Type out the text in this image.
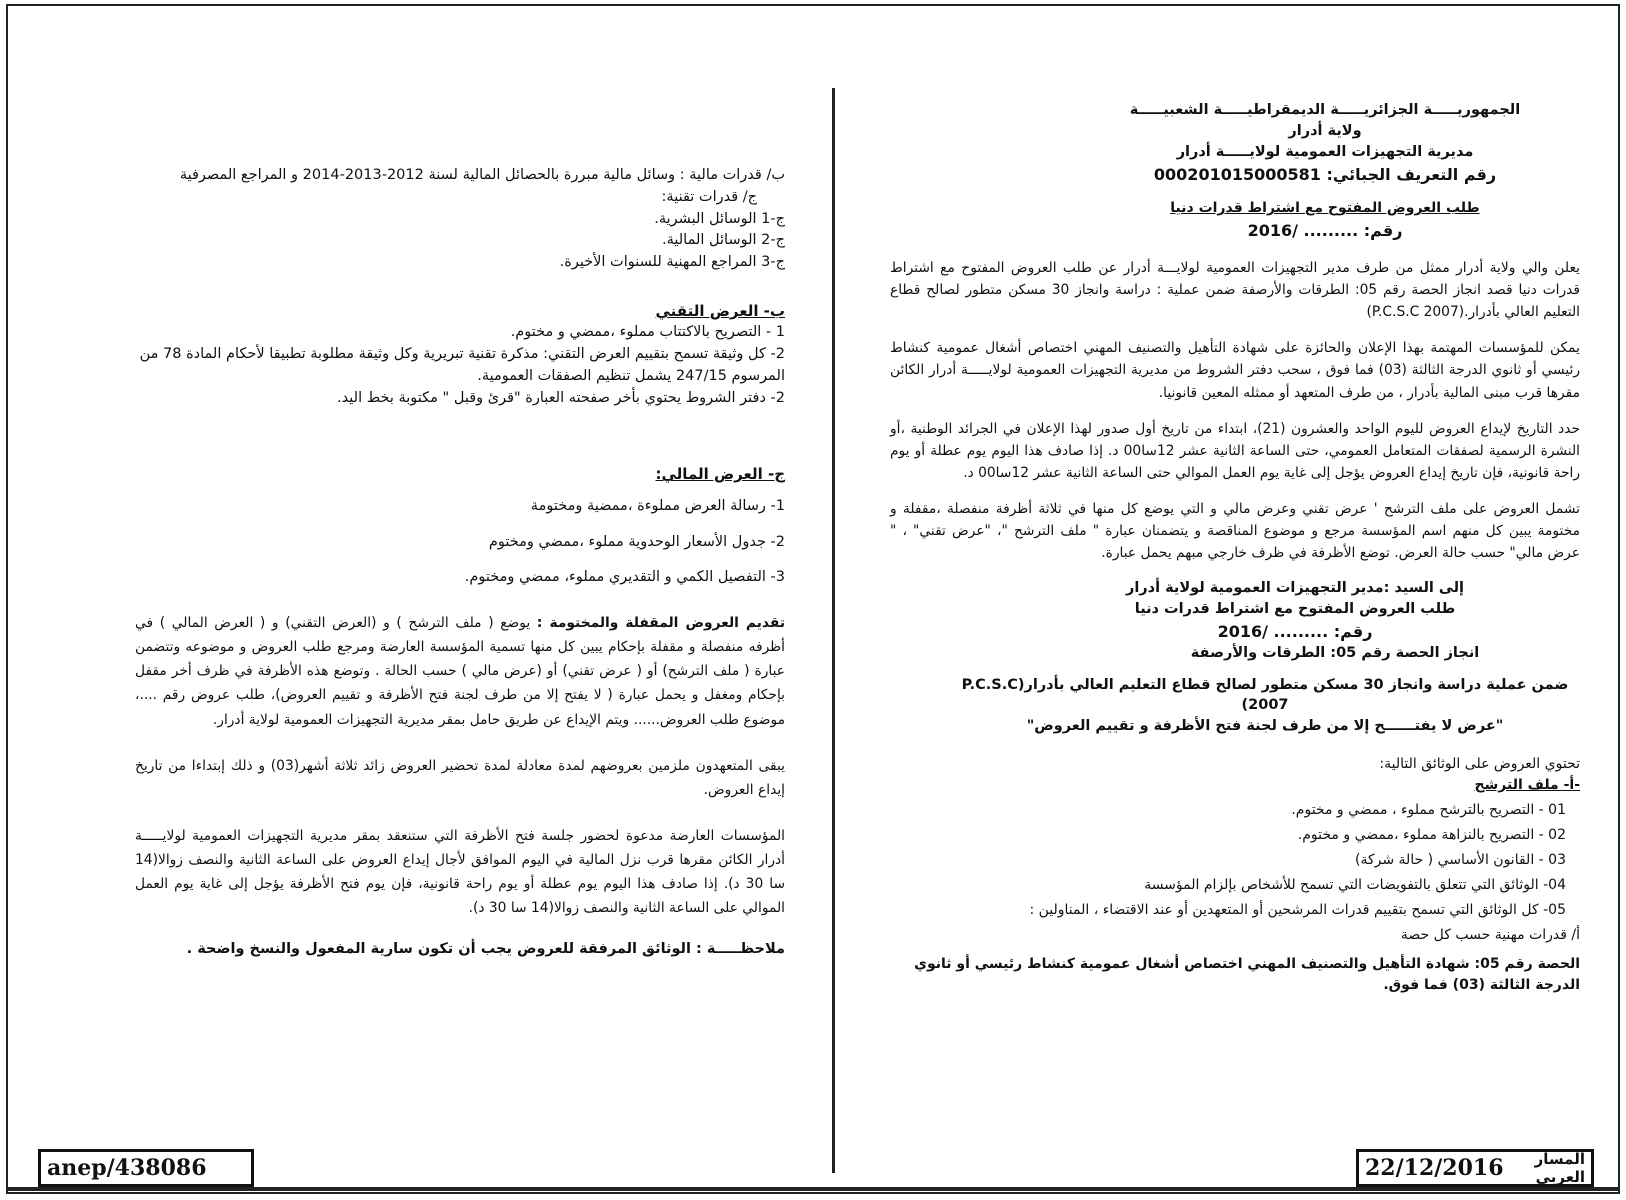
الجمهوريـــــة الجزائريـــــة الديمقراطيـــــة الشعبيـــــة

ولاية أدرار

مديرية التجهيزات العمومية لولايـــــة أدرار

رقم التعريف الجبائي: 000201015000581

طلب العروض المفتوح مع اشتراط قدرات دنيا

رقم: ......... /2016

يعلن والي ولاية أدرار ممثل من طرف مدير التجهيزات العمومية لولايـــة أدرار عن طلب العروض المفتوح مع اشتراط قدرات دنيا قصد انجاز الحصة رقم 05: الطرقات والأرصفة ضمن عملية : دراسة وانجاز 30 مسكن متطور لصالح قطاع التعليم العالي بأدرار.(P.C.S.C 2007)

يمكن للمؤسسات المهتمة بهذا الإعلان والحائزة على شهادة التأهيل والتصنيف المهني اختصاص أشغال عمومية كنشاط رئيسي أو ثانوي الدرجة الثالثة (03) فما فوق ، سحب دفتر الشروط من مديرية التجهيزات العمومية لولايـــــة أدرار الكائن مقرها قرب مبنى المالية بأدرار ، من طرف المتعهد أو ممثله المعين قانونيا.

حدد التاريخ لإيداع العروض لليوم الواحد والعشرون (21)، ابتداء من تاريخ أول صدور لهذا الإعلان في الجرائد الوطنية ،أو النشرة الرسمية لصفقات المتعامل العمومي، حتى الساعة الثانية عشر 12سا00 د. إذا صادف هذا اليوم يوم عطلة أو يوم راحة قانونية، فإن تاريخ إيداع العروض يؤجل إلى غاية يوم العمل الموالي حتى الساعة الثانية عشر 12سا00 د.

تشمل العروض على ملف الترشح ' عرض تقني وعرض مالي و التي يوضع كل منها في ثلاثة أظرفة منفصلة ،مقفلة و مختومة يبين كل منهم اسم المؤسسة مرجع و موضوع المناقصة و يتضمنان عبارة " ملف الترشح "، "عرض تقني" ، " عرض مالي" حسب حالة العرض. توضع الأظرفة في ظرف خارجي مبهم يحمل عبارة.

إلى السيد :مدير التجهيزات العمومية لولاية أدرار

طلب العروض المفتوح مع اشتراط قدرات دنيا

رقم: ......... /2016

انجاز الحصة رقم 05: الطرقات والأرصفة

ضمن عملية دراسة وانجاز 30 مسكن متطور لصالح قطاع التعليم العالي بأدرار(P.C.S.C 2007)

"عرض لا يفتــــــح إلا من طرف لجنة فتح الأظرفة و تقييم العروض"

تحتوي العروض على الوثائق التالية:

-أ- ملف الترشح

01 - التصريح بالترشح مملوء ، ممضي و مختوم.
02 - التصريح بالنزاهة مملوء ،ممضي و مختوم.
03 - القانون الأساسي ( حالة شركة)
04- الوثائق التي تتعلق بالتفويضات التي تسمح للأشخاص بإلزام المؤسسة
05- كل الوثائق التي تسمح بتقييم قدرات المرشحين أو المتعهدين أو عند الاقتضاء ، المناولين :

أ/ قدرات مهنية حسب كل حصة

الحصة رقم 05: شهادة التأهيل والتصنيف المهني اختصاص أشغال عمومية كنشاط رئيسي أو ثانوي الدرجة الثالثة (03) فما فوق.

ب/ قدرات مالية : وسائل مالية مبررة بالحصائل المالية لسنة 2012-2013-2014 و المراجع المصرفية

ج/ قدرات تقنية:

ج-1 الوسائل البشرية.

ج-2 الوسائل المالية.

ج-3 المراجع المهنية للسنوات الأخيرة.

ب- العرض التقني

1 - التصريح بالاكتتاب مملوء ،ممضي و مختوم.

2- كل وثيقة تسمح بتقييم العرض التقني: مذكرة تقنية تبريرية وكل وثيقة مطلوبة تطبيقا لأحكام المادة 78 من المرسوم 247/15 يشمل تنظيم الصفقات العمومية.

2- دفتر الشروط يحتوي بأخر صفحته العبارة "قرئ وقبل " مكتوبة بخط اليد.

ج- العرض المالي:

1- رسالة العرض مملوءة ،ممضية ومختومة

2- جدول الأسعار الوحدوية مملوء ،ممضي ومختوم

3- التفصيل الكمي و التقديري مملوء، ممضي ومختوم.

تقديم العروض المقفلة والمختومة : يوضع ( ملف الترشح ) و (العرض التقني) و ( العرض المالي ) في أظرفه منفصلة و مقفلة بإحكام يبين كل منها تسمية المؤسسة العارضة ومرجع طلب العروض و موضوعه وتتضمن عبارة ( ملف الترشح) أو ( عرض تقني) أو (عرض مالي ) حسب الحالة . وتوضع هذه الأظرفة في ظرف أخر مقفل بإحكام ومغفل و يحمل عبارة ( لا يفتح إلا من طرف لجنة فتح الأظرفة و تقييم العروض)، طلب عروض رقم ....، موضوع طلب العروض...... ويتم الإيداع عن طريق حامل بمقر مديرية التجهيزات العمومية لولاية أدرار.

يبقى المتعهدون ملزمين بعروضهم لمدة معادلة لمدة تحضير العروض زائد ثلاثة أشهر(03) و ذلك إبتداءا من تاريخ إيداع العروض.

المؤسسات العارضة مدعوة لحضور جلسة فتح الأظرفة التي ستنعقد بمقر مديرية التجهيزات العمومية لولايـــــة أدرار الكائن مقرها قرب نزل المالية في اليوم الموافق لأجال إيداع العروض على الساعة الثانية والنصف زوالا(14 سا 30 د). إذا صادف هذا اليوم يوم عطلة أو يوم راحة قانونية، فإن يوم فتح الأظرفة يؤجل إلى غاية يوم العمل الموالي على الساعة الثانية والنصف زوالا(14 سا 30 د).

ملاحظـــــة : الوثائق المرفقة للعروض يجب أن تكون سارية المفعول والنسخ واضحة .

anep/438086	المسار العربي
22/12/2016
